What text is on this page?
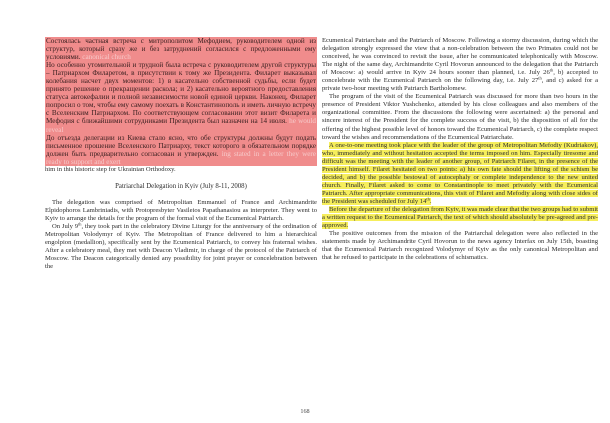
Состоялась частная встреча с митрополитом Мефодием, руководителем одной из структур, который сразу же и без затруднений согласился с предложенными ему условиями. canonical church

Но особенно утомительной и трудной была встреча с руководителем другой структуры – Патриархом Филаретом, в присутствии к тому же Президента. Филарет выказывал колебания насчет двух моментов: 1) в касательно собственной судьбы, если будет принято решение о прекращении раскола; и 2) касательно вероятного предоставления статуса автокефалии и полной независимости новой единой церкви. Наконец, Филарет попросил о том, чтобы ему самому поехать в Константинополь и иметь личную встречу с Вселенским Патриархом. По соответствующем согласовании этот визит Филарета и Мефодия с ближайшими сотрудниками Президента был назначен на 14 июля. he would reveal

До отъезда делегации из Киева стало ясно, что обе структуры должны будут подать письменное прошение Вселенского Патриарху, текст которого в обязательном порядке должен быть предварительно согласован и утвержден. ing stated in a letter they were ready to support and exert

him in this historic step for Ukrainian Orthodoxy.

Patriarchal Delegation in Kyiv (July 8-11, 2008)

The delegation was comprised of Metropolitan Emmanuel of France and Archimandrite Elpidophoros Lambriniadis, with Protopresbyter Vasileios Papathanasiou as interpreter. They went to Kyiv to arrange the details for the program of the formal visit of the Ecumenical Patriarch.

On July 9th, they took part in the celebratory Divine Liturgy for the anniversary of the ordination of Metropolitan Volodymyr of Kyiv. The Metropolitan of France delivered to him a hierarchical engolpion (medallion), specifically sent by the Ecumenical Patriarch, to convey his fraternal wishes. After a celebratory meal, they met with Deacon Vladimir, in charge of the protocol of the Patriarch of Moscow. The Deacon categorically denied any possibility for joint prayer or concelebration between the

Ecumenical Patriarchate and the Patriarch of Moscow. Following a stormy discussion, during which the delegation strongly expressed the view that a non-celebration between the two Primates could not be conceived, he was convinced to revisit the issue, after he communicated telephonically with Moscow. The night of the same day, Archimandrite Cyril Hovorun announced to the delegation that the Patriarch of Moscow: a) would arrive in Kyiv 24 hours sooner than planned, i.e. July 26th, b) accepted to concelebrate with the Ecumenical Patriarch on the following day, i.e. July 27th, and c) asked for a private two-hour meeting with Patriarch Bartholomew.

The program of the visit of the Ecumenical Patriarch was discussed for more than two hours in the presence of President Viktor Yushchenko, attended by his close colleagues and also members of the organizational committee. From the discussions the following were ascertained: a) the personal and sincere interest of the President for the complete success of the visit, b) the disposition of all for the offering of the highest possible level of honors toward the Ecumenical Patriarch, c) the complete respect toward the wishes and recommendations of the Ecumenical Patriarchate.

A one-to-one meeting took place with the leader of the group of Metropolitan Mefodiy (Kudriakov), who, immediately and without hesitation accepted the terms imposed on him. Especially tiresome and difficult was the meeting with the leader of another group, of Patriarch Filaret, in the presence of the President himself. Filaret hesitated on two points: a) his own fate should the lifting of the schism be decided, and b) the possible bestowal of autocephaly or complete independence to the new united church. Finally, Filaret asked to come to Constantinople to meet privately with the Ecumenical Patriarch. After appropriate communications, this visit of Filaret and Mefodiy along with close sides of the President was scheduled for July 14th.

Before the departure of the delegation from Kyiv, it was made clear that the two groups had to submit a written request to the Ecumenical Patriarch, the text of which should absolutely be pre-agreed and pre-approved.

The positive outcomes from the mission of the Patriarchal delegation were also reflected in the statements made by Archimandrite Cyril Hovorun to the news agency Interfax on July 15th, boasting that the Ecumenical Patriarch recognized Volodymyr of Kyiv as the only canonical Metropolitan and that he refused to participate in the celebrations of schismatics.

168
